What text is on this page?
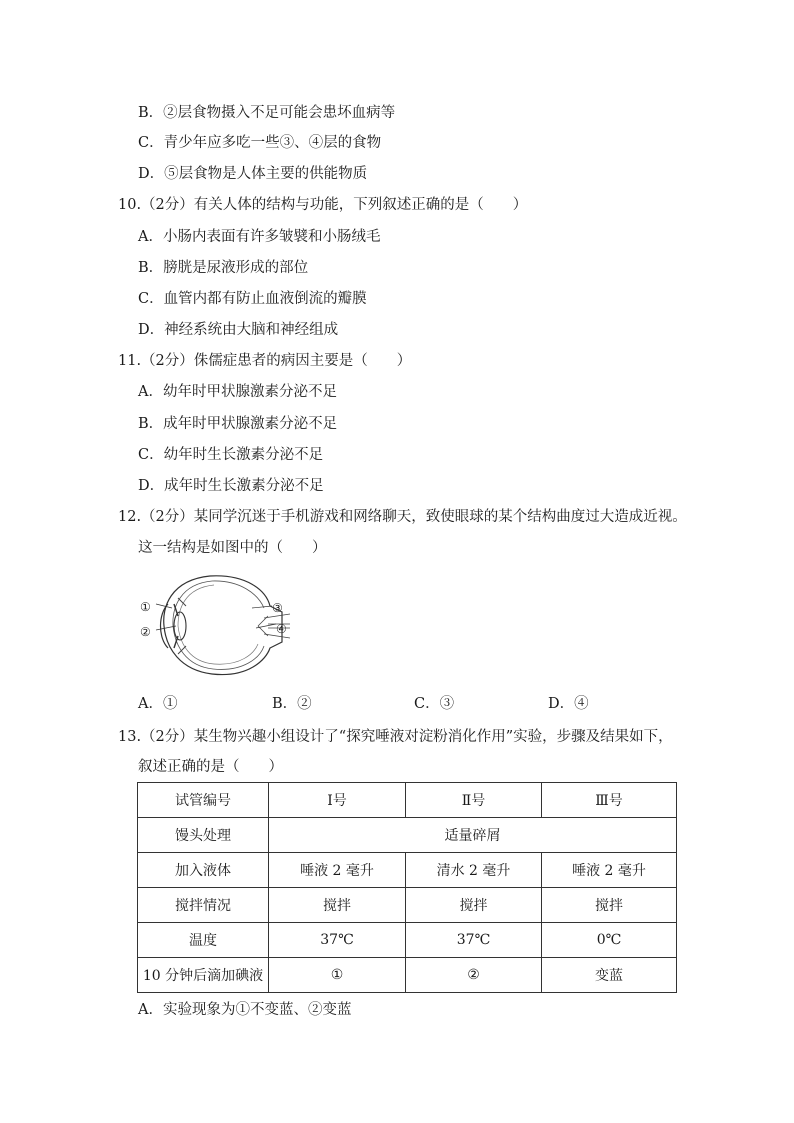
B．②层食物摄入不足可能会患坏血病等
C．青少年应多吃一些③、④层的食物
D．⑤层食物是人体主要的供能物质
10.（2分）有关人体的结构与功能，下列叙述正确的是（　　）
A．小肠内表面有许多皱襞和小肠绒毛
B．膀胱是尿液形成的部位
C．血管内都有防止血液倒流的瓣膜
D．神经系统由大脑和神经组成
11.（2分）侏儒症患者的病因主要是（　　）
A．幼年时甲状腺激素分泌不足
B．成年时甲状腺激素分泌不足
C．幼年时生长激素分泌不足
D．成年时生长激素分泌不足
12.（2分）某同学沉迷于手机游戏和网络聊天，致使眼球的某个结构曲度过大造成近视。
这一结构是如图中的（　　）
①
②
③
④
A．①	B．②	C．③	D．④
13.（2分）某生物兴趣小组设计了“探究唾液对淀粉消化作用”实验，步骤及结果如下，
叙述正确的是（　　）
试管编号	Ⅰ号	Ⅱ号	Ⅲ号
馒头处理	适量碎屑		
加入液体	唾液 2 毫升	清水 2 毫升	唾液 2 毫升
搅拌情况	搅拌	搅拌	搅拌
温度	37℃	37℃	0℃
10 分钟后滴加碘液	①	②	变蓝
A．实验现象为①不变蓝、②变蓝
